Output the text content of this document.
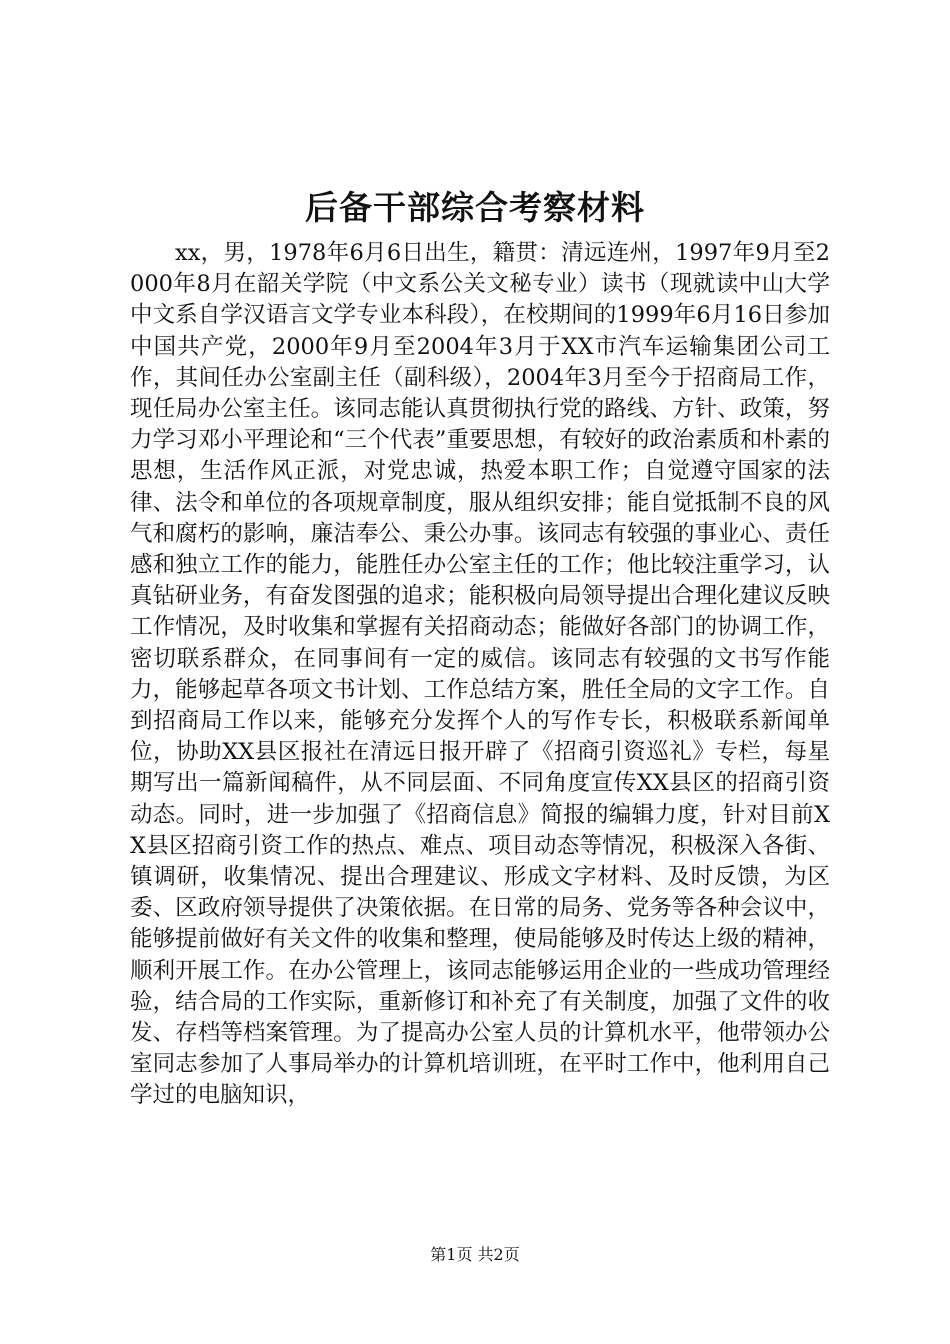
后备干部综合考察材料

xx，男，1978年6月6日出生，籍贯：清远连州，1997年9月至2000年8月在韶关学院（中文系公关文秘专业）读书（现就读中山大学中文系自学汉语言文学专业本科段），在校期间的1999年6月16日参加中国共产党，2000年9月至2004年3月于XX市汽车运输集团公司工作，其间任办公室副主任（副科级），2004年3月至今于招商局工作，现任局办公室主任。该同志能认真贯彻执行党的路线、方针、政策，努力学习邓小平理论和“三个代表”重要思想，有较好的政治素质和朴素的思想，生活作风正派，对党忠诚，热爱本职工作；自觉遵守国家的法律、法令和单位的各项规章制度，服从组织安排；能自觉抵制不良的风气和腐朽的影响，廉洁奉公、秉公办事。该同志有较强的事业心、责任感和独立工作的能力，能胜任办公室主任的工作；他比较注重学习，认真钻研业务，有奋发图强的追求；能积极向局领导提出合理化建议反映工作情况，及时收集和掌握有关招商动态；能做好各部门的协调工作，密切联系群众，在同事间有一定的威信。该同志有较强的文书写作能力，能够起草各项文书计划、工作总结方案，胜任全局的文字工作。自到招商局工作以来，能够充分发挥个人的写作专长，积极联系新闻单位，协助XX县区报社在清远日报开辟了《招商引资巡礼》专栏，每星期写出一篇新闻稿件，从不同层面、不同角度宣传XX县区的招商引资动态。同时，进一步加强了《招商信息》简报的编辑力度，针对目前XX县区招商引资工作的热点、难点、项目动态等情况，积极深入各街、镇调研，收集情况、提出合理建议、形成文字材料、及时反馈，为区委、区政府领导提供了决策依据。在日常的局务、党务等各种会议中，能够提前做好有关文件的收集和整理，使局能够及时传达上级的精神，顺利开展工作。在办公管理上，该同志能够运用企业的一些成功管理经验，结合局的工作实际，重新修订和补充了有关制度，加强了文件的收发、存档等档案管理。为了提高办公室人员的计算机水平，他带领办公室同志参加了人事局举办的计算机培训班，在平时工作中，他利用自己学过的电脑知识，

第1页 共2页
